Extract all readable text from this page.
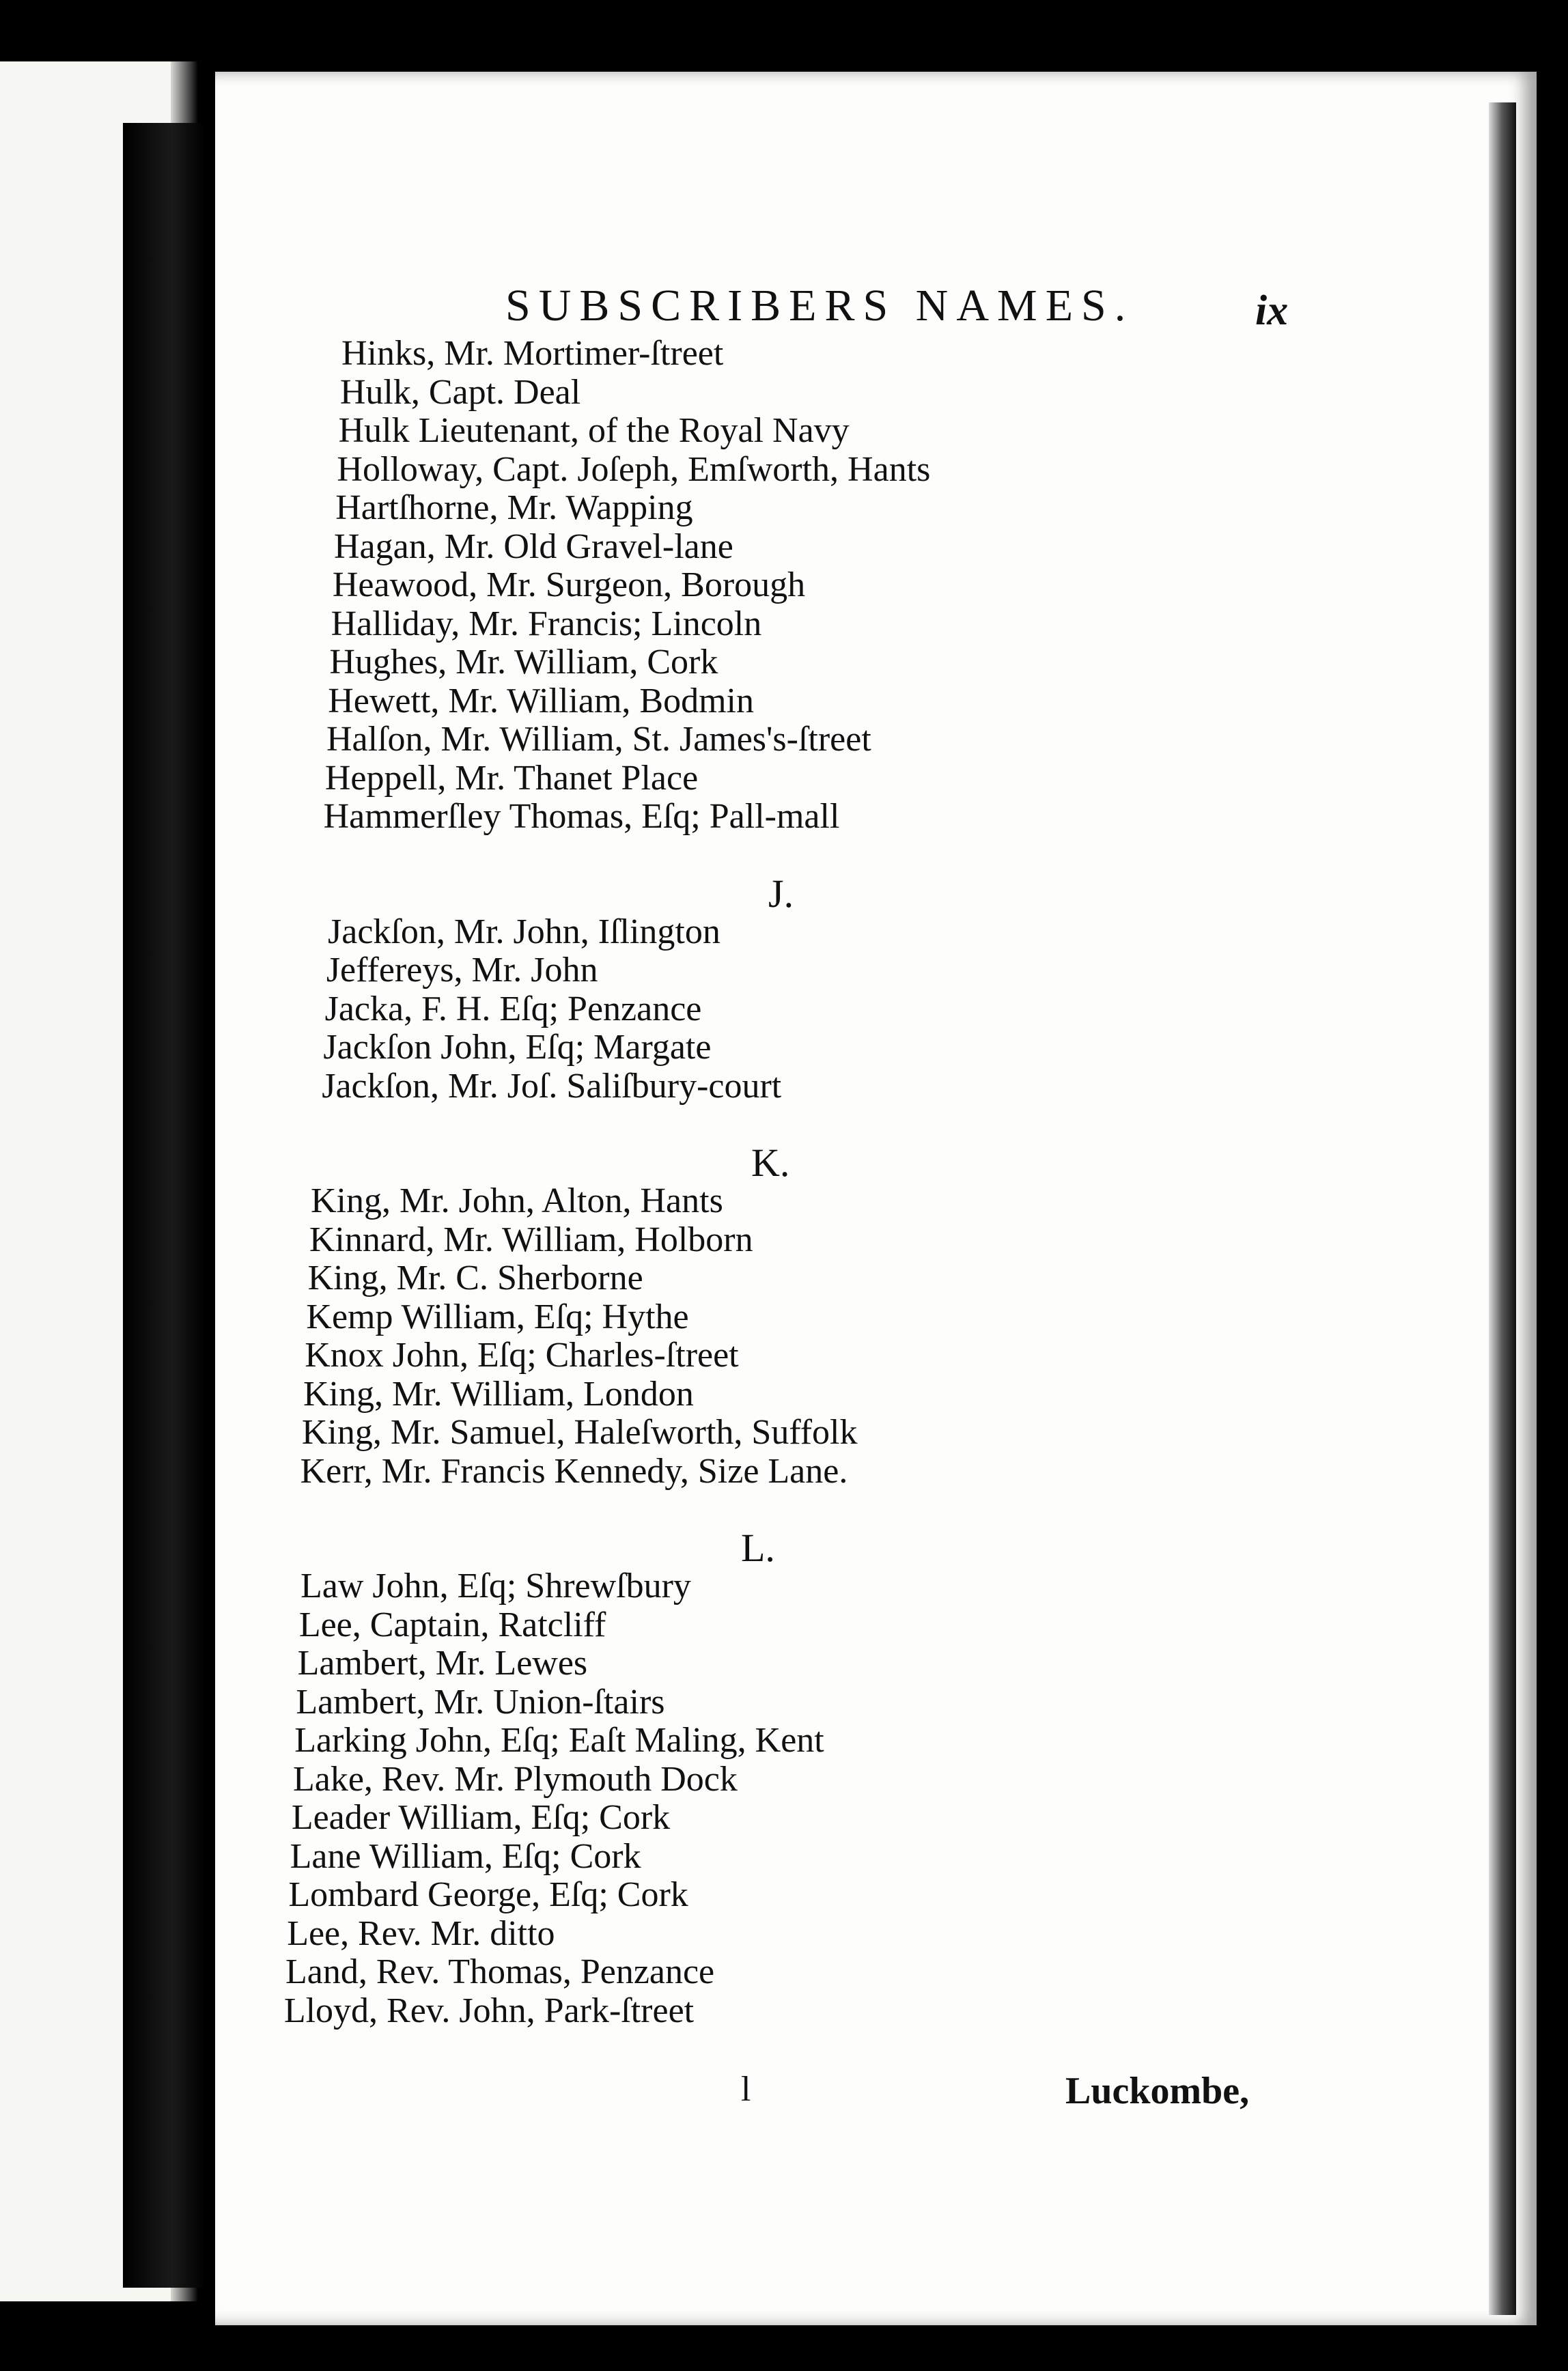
SUBSCRIBERS NAMES.	ix
Hinks, Mr. Mortimer-ſtreet
Hulk, Capt. Deal
Hulk Lieutenant, of the Royal Navy
Holloway, Capt. Joſeph, Emſworth, Hants
Hartſhorne, Mr. Wapping
Hagan, Mr. Old Gravel-lane
Heawood, Mr. Surgeon, Borough
Halliday, Mr. Francis; Lincoln
Hughes, Mr. William, Cork
Hewett, Mr. William, Bodmin
Halſon, Mr. William, St. James's-ſtreet
Heppell, Mr. Thanet Place
Hammerſley Thomas, Eſq; Pall-mall
J.
Jackſon, Mr. John, Iſlington
Jeffereys, Mr. John
Jacka, F. H. Eſq; Penzance
Jackſon John, Eſq; Margate
Jackſon, Mr. Joſ. Saliſbury-court
K.
King, Mr. John, Alton, Hants
Kinnard, Mr. William, Holborn
King, Mr. C. Sherborne
Kemp William, Eſq; Hythe
Knox John, Eſq; Charles-ſtreet
King, Mr. William, London
King, Mr. Samuel, Haleſworth, Suffolk
Kerr, Mr. Francis Kennedy, Size Lane.
L.
Law John, Eſq; Shrewſbury
Lee, Captain, Ratcliff
Lambert, Mr. Lewes
Lambert, Mr. Union-ſtairs
Larking John, Eſq; Eaſt Maling, Kent
Lake, Rev. Mr. Plymouth Dock
Leader William, Eſq; Cork
Lane William, Eſq; Cork
Lombard George, Eſq; Cork
Lee, Rev. Mr. ditto
Land, Rev. Thomas, Penzance
Lloyd, Rev. John, Park-ſtreet
l	Luckombe,
